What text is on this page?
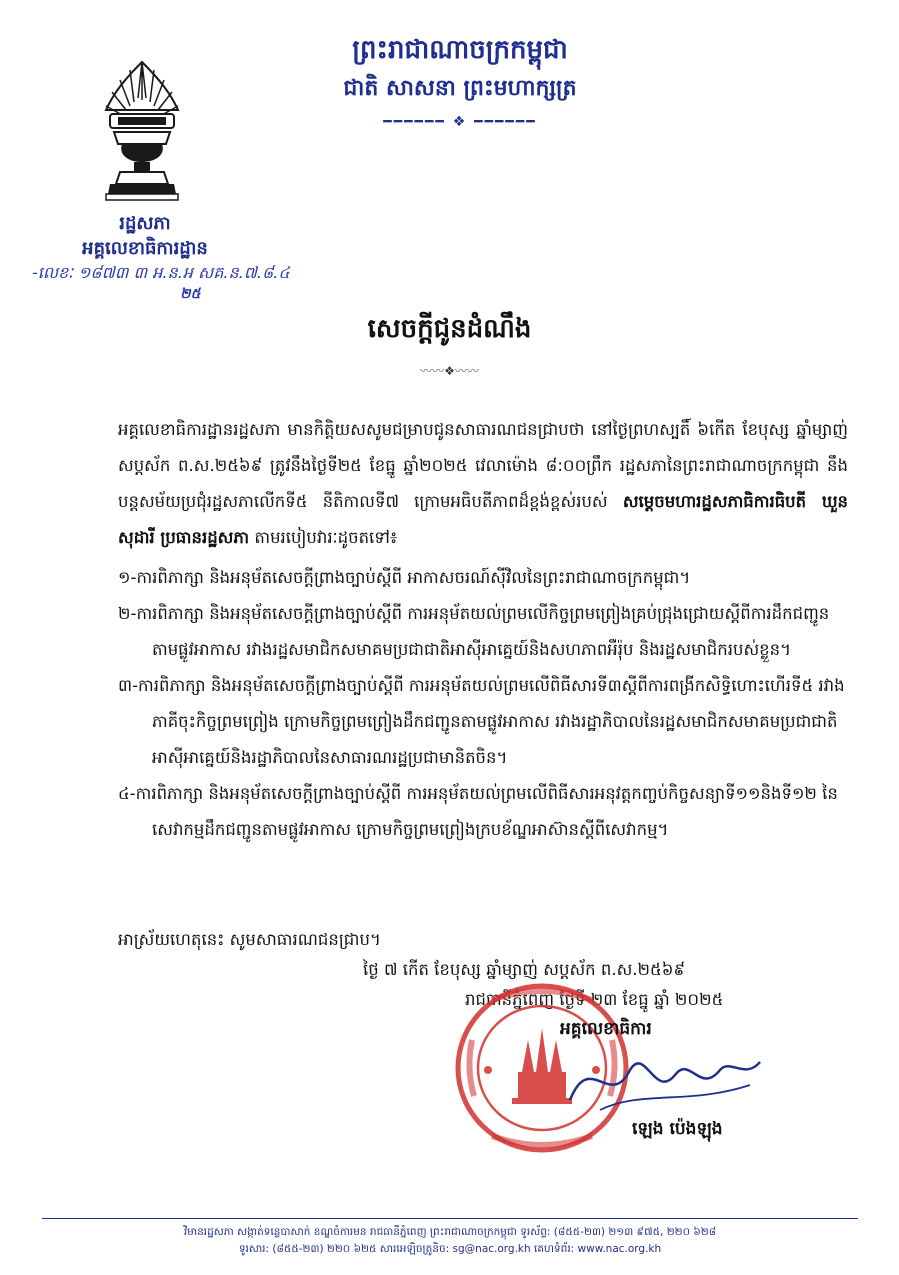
ព្រះរាជាណាចក្រកម្ពុជា
ជាតិ សាសនា ព្រះមហាក្សត្រ
━━━━━━ ❖ ━━━━━━
រដ្ឋសភា
អគ្គលេខាធិការដ្ឋាន
-លេខៈ ១៨៧៣ ៣ អ.ន.អ សគ.ន.៧.៨.៤
២៥
សេចក្តីជូនដំណឹង
〰〰❖〰〰
អគ្គលេខាធិការដ្ឋានរដ្ឋសភា មានកិត្តិយសសូមជម្រាបជូនសាធារណជនជ្រាបថា នៅថ្ងៃព្រហស្បតិ៍ ៦កើត ខែបុស្ស ឆ្នាំម្សាញ់ សប្តស័ក ព.ស.២៥៦៩ ត្រូវនឹងថ្ងៃទី២៥ ខែធ្នូ ឆ្នាំ២០២៥ វេលាម៉ោង ៨:០០ព្រឹក រដ្ឋសភានៃព្រះរាជាណាចក្រកម្ពុជា នឹងបន្តសម័យប្រជុំរដ្ឋសភាលើកទី៥ នីតិកាលទី៧ ក្រោមអធិបតីភាពដ៏ខ្ពង់ខ្ពស់របស់ សម្តេចមហារដ្ឋសភាធិការធិបតី ឃួន សុដារី ប្រធានរដ្ឋសភា តាមរបៀបវារៈដូចតទៅ៖
១-ការពិភាក្សា និងអនុម័តសេចក្តីព្រាងច្បាប់ស្តីពី អាកាសចរណ៍ស៊ីវិលនៃព្រះរាជាណាចក្រកម្ពុជា។
២-ការពិភាក្សា និងអនុម័តសេចក្តីព្រាងច្បាប់ស្តីពី ការអនុម័តយល់ព្រមលើកិច្ចព្រមព្រៀងគ្រប់ជ្រុងជ្រោយស្តីពីការដឹកជញ្ជូនតាមផ្លូវអាកាស រវាងរដ្ឋសមាជិកសមាគមប្រជាជាតិអាស៊ីអាគ្នេយ៍និងសហភាពអឺរ៉ុប និងរដ្ឋសមាជិករបស់ខ្លួន។
៣-ការពិភាក្សា និងអនុម័តសេចក្តីព្រាងច្បាប់ស្តីពី ការអនុម័តយល់ព្រមលើពិធីសារទី៣ស្តីពីការពង្រីកសិទ្ធិហោះហើរទី៥ រវាងភាគីចុះកិច្ចព្រមព្រៀង ក្រោមកិច្ចព្រមព្រៀងដឹកជញ្ជូនតាមផ្លូវអាកាស រវាងរដ្ឋាភិបាលនៃរដ្ឋសមាជិកសមាគមប្រជាជាតិអាស៊ីអាគ្នេយ៍និងរដ្ឋាភិបាលនៃសាធារណរដ្ឋប្រជាមានិតចិន។
៤-ការពិភាក្សា និងអនុម័តសេចក្តីព្រាងច្បាប់ស្តីពី ការអនុម័តយល់ព្រមលើពិធីសារអនុវត្តកញ្ចប់កិច្ចសន្យាទី១១និងទី១២ នៃសេវាកម្មដឹកជញ្ជូនតាមផ្លូវអាកាស ក្រោមកិច្ចព្រមព្រៀងក្របខ័ណ្ឌអាស៊ានស្តីពីសេវាកម្ម។
អាស្រ័យហេតុនេះ សូមសាធារណជនជ្រាប។
ថ្ងៃ ៧ កើត ខែបុស្ស ឆ្នាំម្សាញ់ សប្តស័ក ព.ស.២៥៦៩
រាជធានីភ្នំពេញ ថ្ងៃទី ២៣ ខែធ្នូ ឆ្នាំ ២០២៥
អគ្គលេខាធិការ
ឡេង ប៉េងឡុង
វិមានរដ្ឋសភា សង្កាត់ទន្លេបាសាក់ ខណ្ឌចំការមន រាជធានីភ្នំពេញ ព្រះរាជាណាចក្រកម្ពុជា ទូរស័ព្ទ: (៨៥៥-២៣) ២១៣ ៩៧៥, ២២០ ៦២៨
ទូរសារ: (៨៥៥-២៣) ២២០ ៦២៥ សារអេឡិចត្រូនិច: sg@nac.org.kh គេហទំព័រ: www.nac.org.kh
